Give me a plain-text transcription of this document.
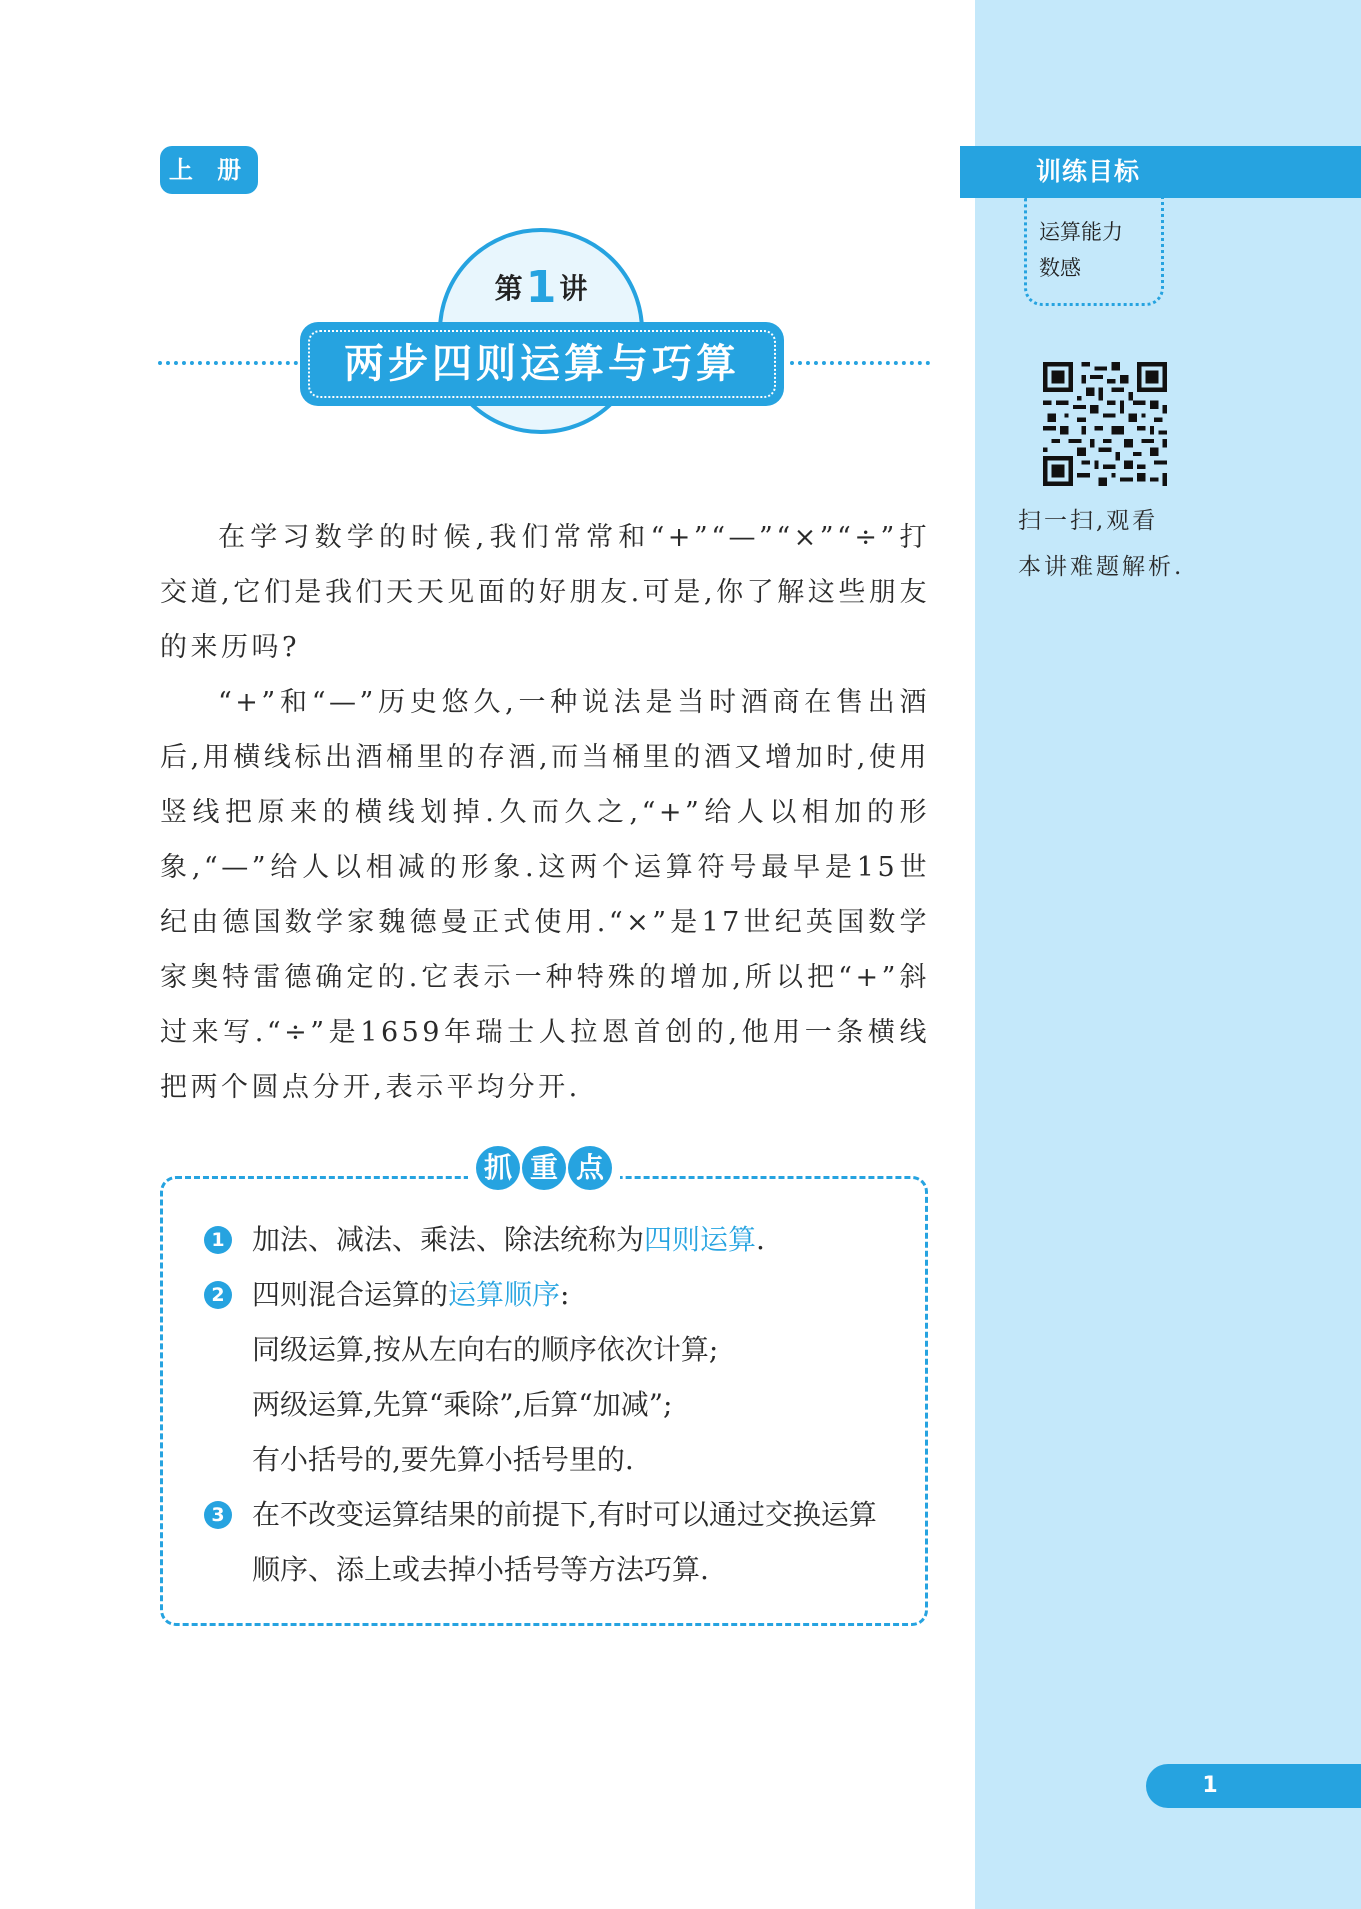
上 册
第1 讲
两步四则运算与巧算

在学习数学的时候,我们常常和“+”“—”“×”“÷”打交道,它们是我们天天见面的好朋友.可是,你了解这些朋友的来历吗?

“+”和“—”历史悠久,一种说法是当时酒商在售出酒后,用横线标出酒桶里的存酒,而当桶里的酒又增加时,使用竖线把原来的横线划掉.久而久之,“+”给人以相加的形象,“—”给人以相减的形象.这两个运算符号最早是15世纪由德国数学家魏德曼正式使用.“×”是17世纪英国数学家奥特雷德确定的.它表示一种特殊的增加,所以把“+”斜过来写.“÷”是1659年瑞士人拉恩首创的,他用一条横线把两个圆点分开,表示平均分开.

抓 重 点
1 加法、减法、乘法、除法统称为四则运算.
2 四则混合运算的运算顺序:
同级运算,按从左向右的顺序依次计算;
两级运算,先算“乘除”,后算“加减”;
有小括号的,要先算小括号里的.
3 在不改变运算结果的前提下,有时可以通过交换运算顺序、添上或去掉小括号等方法巧算.
训练目标
运算能力
数感
扫一扫,观看
本讲难题解析.
1
